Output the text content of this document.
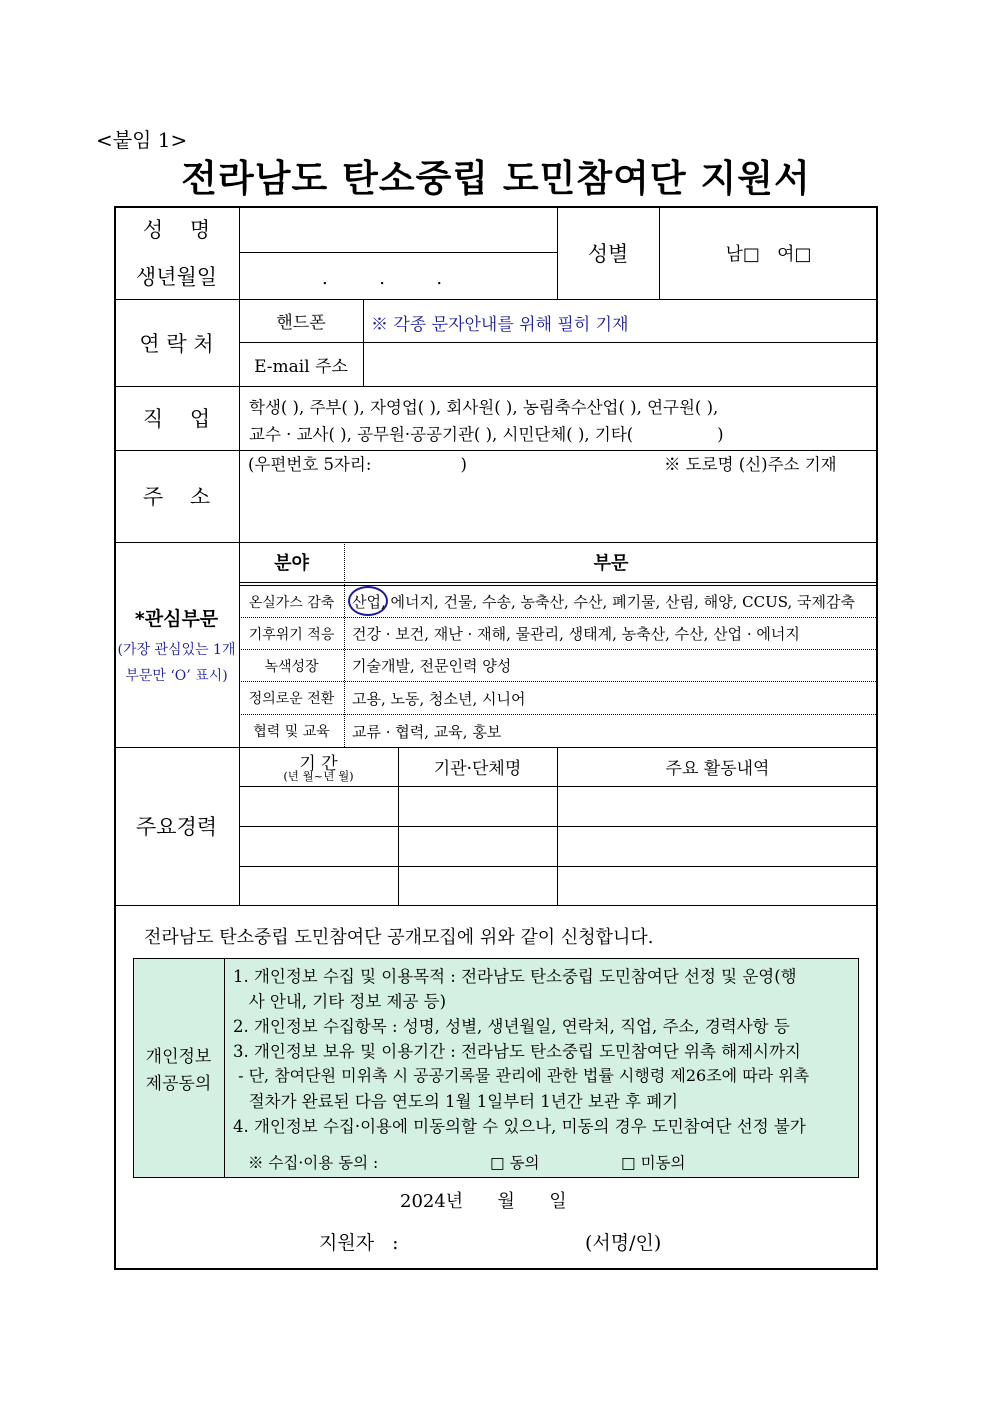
<붙임 1>
전라남도 탄소중립 도민참여단 지원서
성    명
생년월일	.         .         .
성별	남□   여□
연 락 처
핸드폰	※ 각종 문자안내를 위해 필히 기재
E-mail 주소
직    업	학생( ), 주부( ), 자영업( ), 회사원( ), 농림축수산업( ), 연구원( ),
교수 · 교사( ), 공무원·공공기관( ), 시민단체( ), 기타(                )
주    소
(우편번호 5자리:                 )	※ 도로명 (신)주소 기재
*관심부문
(가장 관심있는 1개
부문만 ‘O’ 표시)
분야	부문
온실가스 감축	산업, 에너지, 건물, 수송, 농축산, 수산, 폐기물, 산림, 해양, CCUS, 국제감축
기후위기 적응	건강 · 보건, 재난 · 재해, 물관리, 생태계, 농축산, 수산, 산업 · 에너지
녹색성장	기술개발, 전문인력 양성
정의로운 전환	고용, 노동, 청소년, 시니어
협력 및 교육	교류 · 협력, 교육, 홍보
주요경력
기 간
(년 월~년 월)	기관·단체명	주요 활동내역
전라남도 탄소중립 도민참여단 공개모집에 위와 같이 신청합니다.
개인정보
제공동의
1. 개인정보 수집 및 이용목적 : 전라남도 탄소중립 도민참여단 선정 및 운영(행
사 안내, 기타 정보 제공 등)
2. 개인정보 수집항목 : 성명, 성별, 생년월일, 연락처, 직업, 주소, 경력사항 등
3. 개인정보 보유 및 이용기간 : 전라남도 탄소중립 도민참여단 위촉 해제시까지
- 단, 참여단원 미위촉 시 공공기록물 관리에 관한 법률 시행령 제26조에 따라 위촉
절차가 완료된 다음 연도의 1월 1일부터 1년간 보관 후 폐기
4. 개인정보 수집·이용에 미동의할 수 있으나, 미동의 경우 도민참여단 선정 불가
※ 수집·이용 동의 :	□ 동의	□ 미동의
2024년      월      일
지원자   :	(서명/인)
